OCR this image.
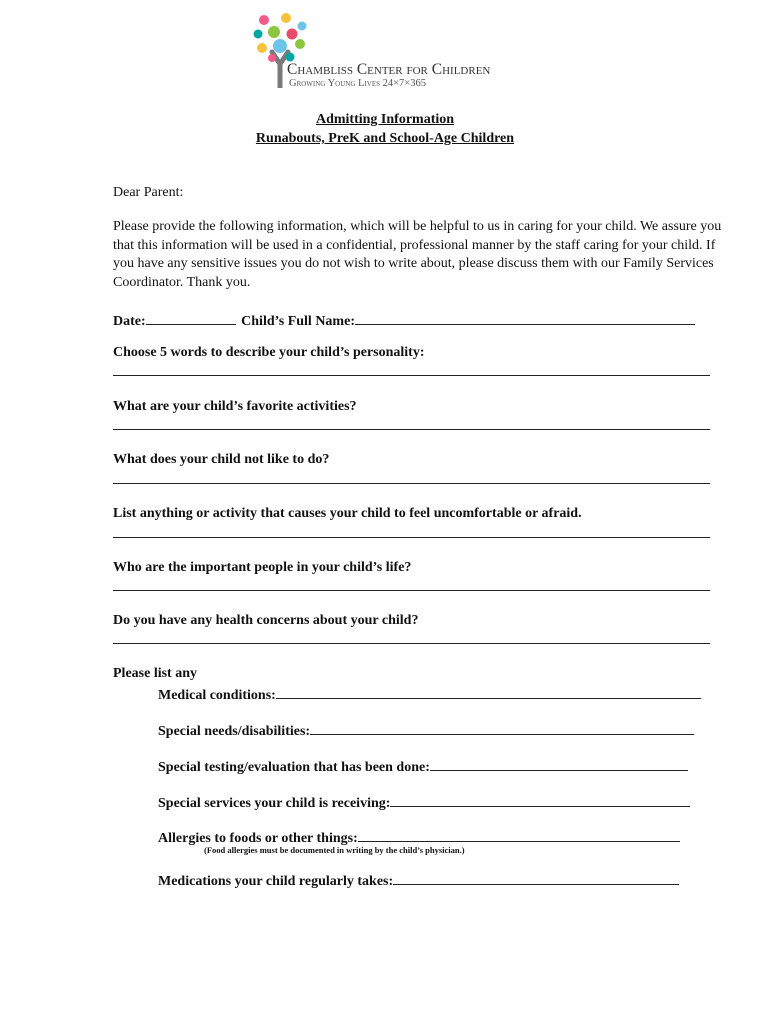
Chambliss Center for Children
Growing Young Lives 24×7×365
Admitting Information
Runabouts, PreK and School-Age Children
Dear Parent:
Please provide the following information, which will be helpful to us in caring for your child. We assure you that this information will be used in a confidential, professional manner by the staff caring for your child. If you have any sensitive issues you do not wish to write about, please discuss them with our Family Services Coordinator. Thank you.
Date:	Child’s Full Name:
Choose 5 words to describe your child’s personality:
What are your child’s favorite activities?
What does your child not like to do?
List anything or activity that causes your child to feel uncomfortable or afraid.
Who are the important people in your child’s life?
Do you have any health concerns about your child?
Please list any
Medical conditions:
Special needs/disabilities:
Special testing/evaluation that has been done:
Special services your child is receiving:
Allergies to foods or other things:
(Food allergies must be documented in writing by the child’s physician.)
Medications your child regularly takes:
